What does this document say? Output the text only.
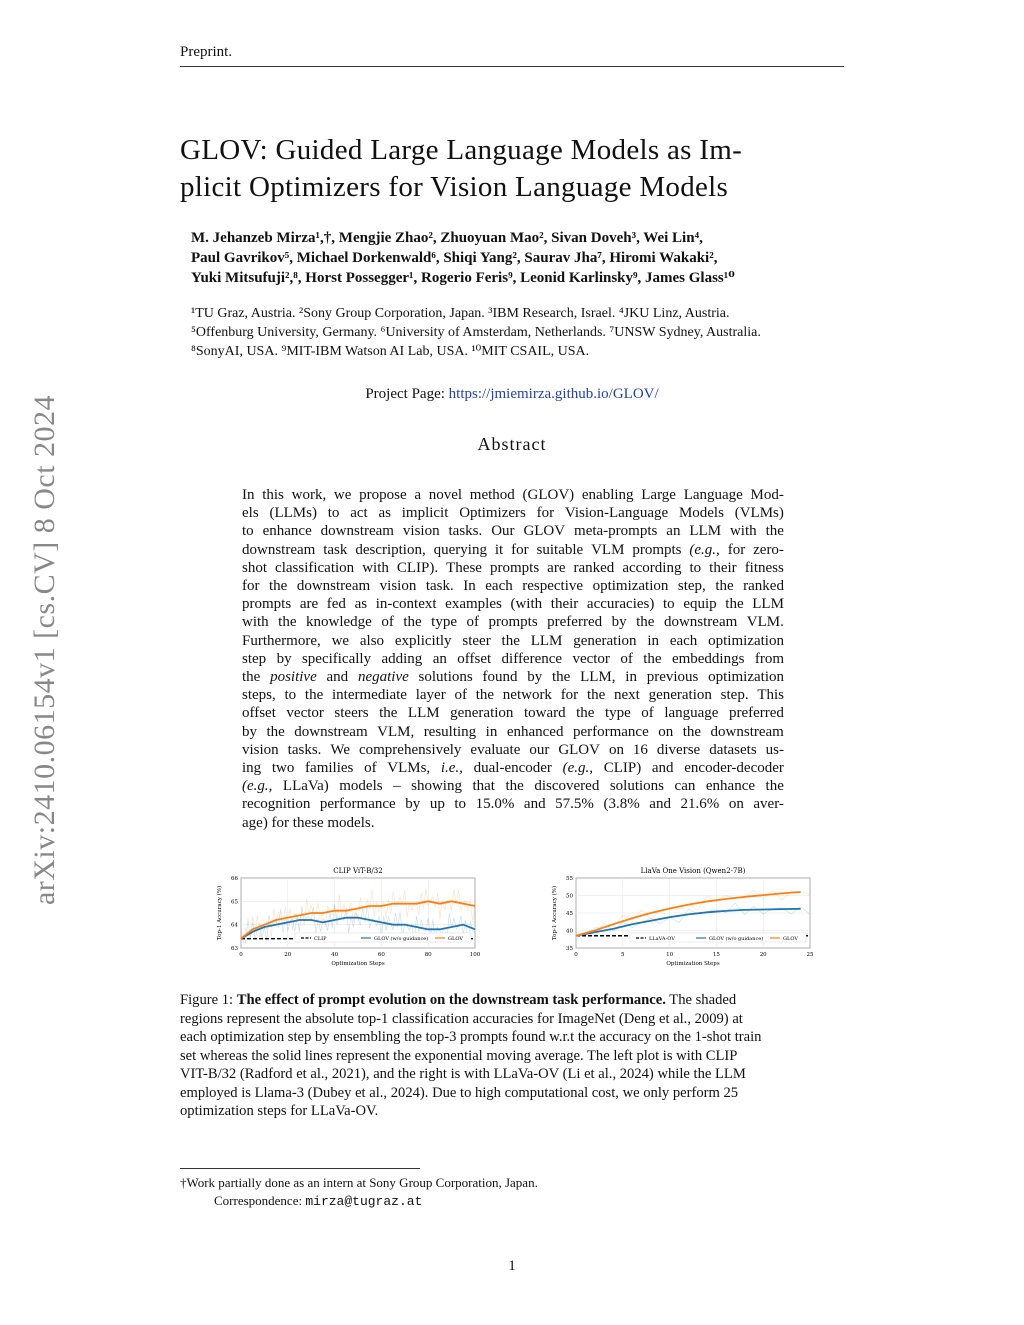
Preprint.
arXiv:2410.06154v1 [cs.CV] 8 Oct 2024
GLOV: Guided Large Language Models as Im-
plicit Optimizers for Vision Language Models
M. Jehanzeb Mirza¹,†, Mengjie Zhao², Zhuoyuan Mao², Sivan Doveh³, Wei Lin⁴,
Paul Gavrikov⁵, Michael Dorkenwald⁶, Shiqi Yang², Saurav Jha⁷, Hiromi Wakaki²,
Yuki Mitsufuji²,⁸, Horst Possegger¹, Rogerio Feris⁹, Leonid Karlinsky⁹, James Glass¹⁰
¹TU Graz, Austria. ²Sony Group Corporation, Japan. ³IBM Research, Israel. ⁴JKU Linz, Austria.
⁵Offenburg University, Germany. ⁶University of Amsterdam, Netherlands. ⁷UNSW Sydney, Australia.
⁸SonyAI, USA. ⁹MIT-IBM Watson AI Lab, USA. ¹⁰MIT CSAIL, USA.
Project Page: https://jmiemirza.github.io/GLOV/
Abstract
In this work, we propose a novel method (GLOV) enabling Large Language Mod-
els (LLMs) to act as implicit Optimizers for Vision-Language Models (VLMs)
to enhance downstream vision tasks. Our GLOV meta-prompts an LLM with the
downstream task description, querying it for suitable VLM prompts (e.g., for zero-
shot classification with CLIP). These prompts are ranked according to their fitness
for the downstream vision task. In each respective optimization step, the ranked
prompts are fed as in-context examples (with their accuracies) to equip the LLM
with the knowledge of the type of prompts preferred by the downstream VLM.
Furthermore, we also explicitly steer the LLM generation in each optimization
step by specifically adding an offset difference vector of the embeddings from
the positive and negative solutions found by the LLM, in previous optimization
steps, to the intermediate layer of the network for the next generation step. This
offset vector steers the LLM generation toward the type of language preferred
by the downstream VLM, resulting in enhanced performance on the downstream
vision tasks. We comprehensively evaluate our GLOV on 16 diverse datasets us-
ing two families of VLMs, i.e., dual-encoder (e.g., CLIP) and encoder-decoder
(e.g., LLaVa) models – showing that the discovered solutions can enhance the
recognition performance by up to 15.0% and 57.5% (3.8% and 21.6% on aver-
age) for these models.
CLIP ViT-B/32
0	20	40	60	80	100
63
64
65
66
Optimization Steps
Top-1 Accuracy (%)	CLIP	GLOV (w/o guidance)	GLOV
LlaVa One Vision (Qwen2-7B)
0	5	10	15	20	25
35
40
45
50
55
Optimization Steps
Top-1 Accuracy (%)	LLaVA-OV	GLOV (w/o guidance)	GLOV
Figure 1: The effect of prompt evolution on the downstream task performance. The shaded
regions represent the absolute top-1 classification accuracies for ImageNet (Deng et al., 2009) at
each optimization step by ensembling the top-3 prompts found w.r.t the accuracy on the 1-shot train
set whereas the solid lines represent the exponential moving average. The left plot is with CLIP
VIT-B/32 (Radford et al., 2021), and the right is with LLaVa-OV (Li et al., 2024) while the LLM
employed is Llama-3 (Dubey et al., 2024). Due to high computational cost, we only perform 25
optimization steps for LLaVa-OV.
†Work partially done as an intern at Sony Group Corporation, Japan.
Correspondence: mirza@tugraz.at
1
